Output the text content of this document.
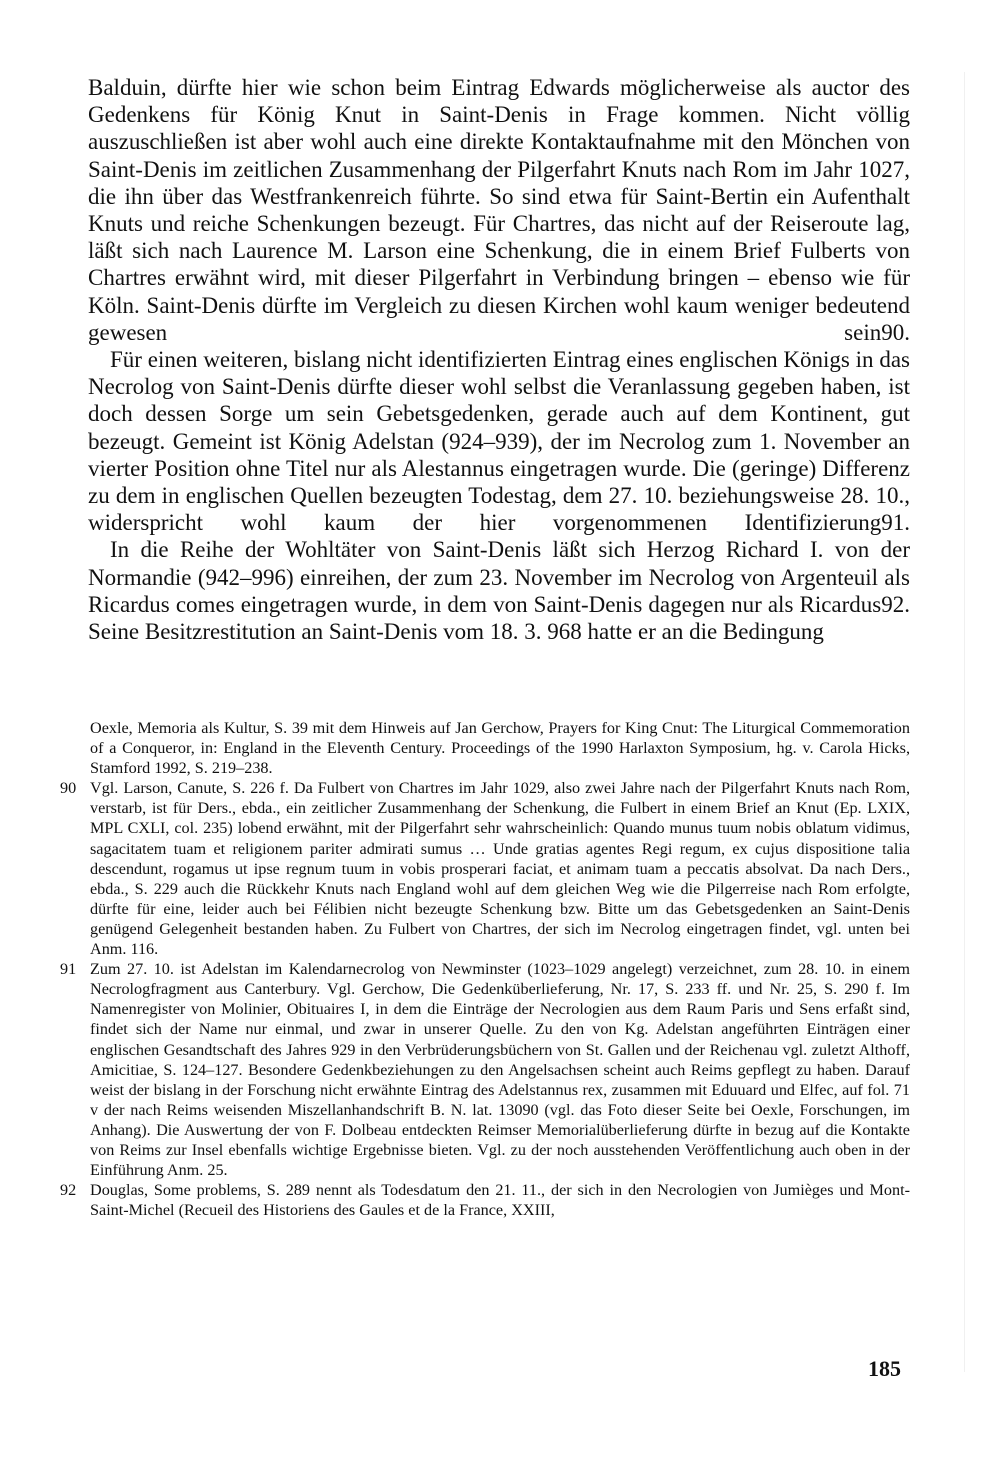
Balduin, dürfte hier wie schon beim Eintrag Edwards möglicherweise als auctor des Gedenkens für König Knut in Saint-Denis in Frage kommen. Nicht völlig auszuschließen ist aber wohl auch eine direkte Kontaktaufnahme mit den Mönchen von Saint-Denis im zeitlichen Zusammenhang der Pilgerfahrt Knuts nach Rom im Jahr 1027, die ihn über das Westfrankenreich führte. So sind etwa für Saint-Bertin ein Aufenthalt Knuts und reiche Schenkungen bezeugt. Für Chartres, das nicht auf der Reiseroute lag, läßt sich nach Laurence M. Larson eine Schenkung, die in einem Brief Fulberts von Chartres erwähnt wird, mit dieser Pilgerfahrt in Verbindung bringen – ebenso wie für Köln. Saint-Denis dürfte im Vergleich zu diesen Kirchen wohl kaum weniger bedeutend gewesen sein90.

Für einen weiteren, bislang nicht identifizierten Eintrag eines englischen Königs in das Necrolog von Saint-Denis dürfte dieser wohl selbst die Veranlassung gegeben haben, ist doch dessen Sorge um sein Gebetsgedenken, gerade auch auf dem Kontinent, gut bezeugt. Gemeint ist König Adelstan (924–939), der im Necrolog zum 1. November an vierter Position ohne Titel nur als Alestannus eingetragen wurde. Die (geringe) Differenz zu dem in englischen Quellen bezeugten Todestag, dem 27. 10. beziehungsweise 28. 10., widerspricht wohl kaum der hier vorgenommenen Identifizierung91.

In die Reihe der Wohltäter von Saint-Denis läßt sich Herzog Richard I. von der Normandie (942–996) einreihen, der zum 23. November im Necrolog von Argenteuil als Ricardus comes eingetragen wurde, in dem von Saint-Denis dagegen nur als Ricardus92. Seine Besitzrestitution an Saint-Denis vom 18. 3. 968 hatte er an die Bedingung

Oexle, Memoria als Kultur, S. 39 mit dem Hinweis auf Jan Gerchow, Prayers for King Cnut: The Liturgical Commemoration of a Conqueror, in: England in the Eleventh Century. Proceedings of the 1990 Harlaxton Symposium, hg. v. Carola Hicks, Stamford 1992, S. 219–238.
90 Vgl. Larson, Canute, S. 226 f. Da Fulbert von Chartres im Jahr 1029, also zwei Jahre nach der Pilgerfahrt Knuts nach Rom, verstarb, ist für Ders., ebda., ein zeitlicher Zusammenhang der Schenkung, die Fulbert in einem Brief an Knut (Ep. LXIX, MPL CXLI, col. 235) lobend erwähnt, mit der Pilgerfahrt sehr wahrscheinlich: Quando munus tuum nobis oblatum vidimus, sagacitatem tuam et religionem pariter admirati sumus … Unde gratias agentes Regi regum, ex cujus dispositione talia descendunt, rogamus ut ipse regnum tuum in vobis prosperari faciat, et animam tuam a peccatis absolvat. Da nach Ders., ebda., S. 229 auch die Rückkehr Knuts nach England wohl auf dem gleichen Weg wie die Pilgerreise nach Rom erfolgte, dürfte für eine, leider auch bei Félibien nicht bezeugte Schenkung bzw. Bitte um das Gebetsgedenken an Saint-Denis genügend Gelegenheit bestanden haben. Zu Fulbert von Chartres, der sich im Necrolog eingetragen findet, vgl. unten bei Anm. 116.
91 Zum 27. 10. ist Adelstan im Kalendarnecrolog von Newminster (1023–1029 angelegt) verzeichnet, zum 28. 10. in einem Necrologfragment aus Canterbury. Vgl. Gerchow, Die Gedenküberlieferung, Nr. 17, S. 233 ff. und Nr. 25, S. 290 f. Im Namenregister von Molinier, Obituaires I, in dem die Einträge der Necrologien aus dem Raum Paris und Sens erfaßt sind, findet sich der Name nur einmal, und zwar in unserer Quelle. Zu den von Kg. Adelstan angeführten Einträgen einer englischen Gesandtschaft des Jahres 929 in den Verbrüderungsbüchern von St. Gallen und der Reichenau vgl. zuletzt Althoff, Amicitiae, S. 124–127. Besondere Gedenkbeziehungen zu den Angelsachsen scheint auch Reims gepflegt zu haben. Darauf weist der bislang in der Forschung nicht erwähnte Eintrag des Adelstannus rex, zusammen mit Eduuard und Elfec, auf fol. 71 v der nach Reims weisenden Miszellanhandschrift B. N. lat. 13090 (vgl. das Foto dieser Seite bei Oexle, Forschungen, im Anhang). Die Auswertung der von F. Dolbeau entdeckten Reimser Memorialüberlieferung dürfte in bezug auf die Kontakte von Reims zur Insel ebenfalls wichtige Ergebnisse bieten. Vgl. zu der noch ausstehenden Veröffentlichung auch oben in der Einführung Anm. 25.
92 Douglas, Some problems, S. 289 nennt als Todesdatum den 21. 11., der sich in den Necrologien von Jumièges und Mont-Saint-Michel (Recueil des Historiens des Gaules et de la France, XXIII,
185
